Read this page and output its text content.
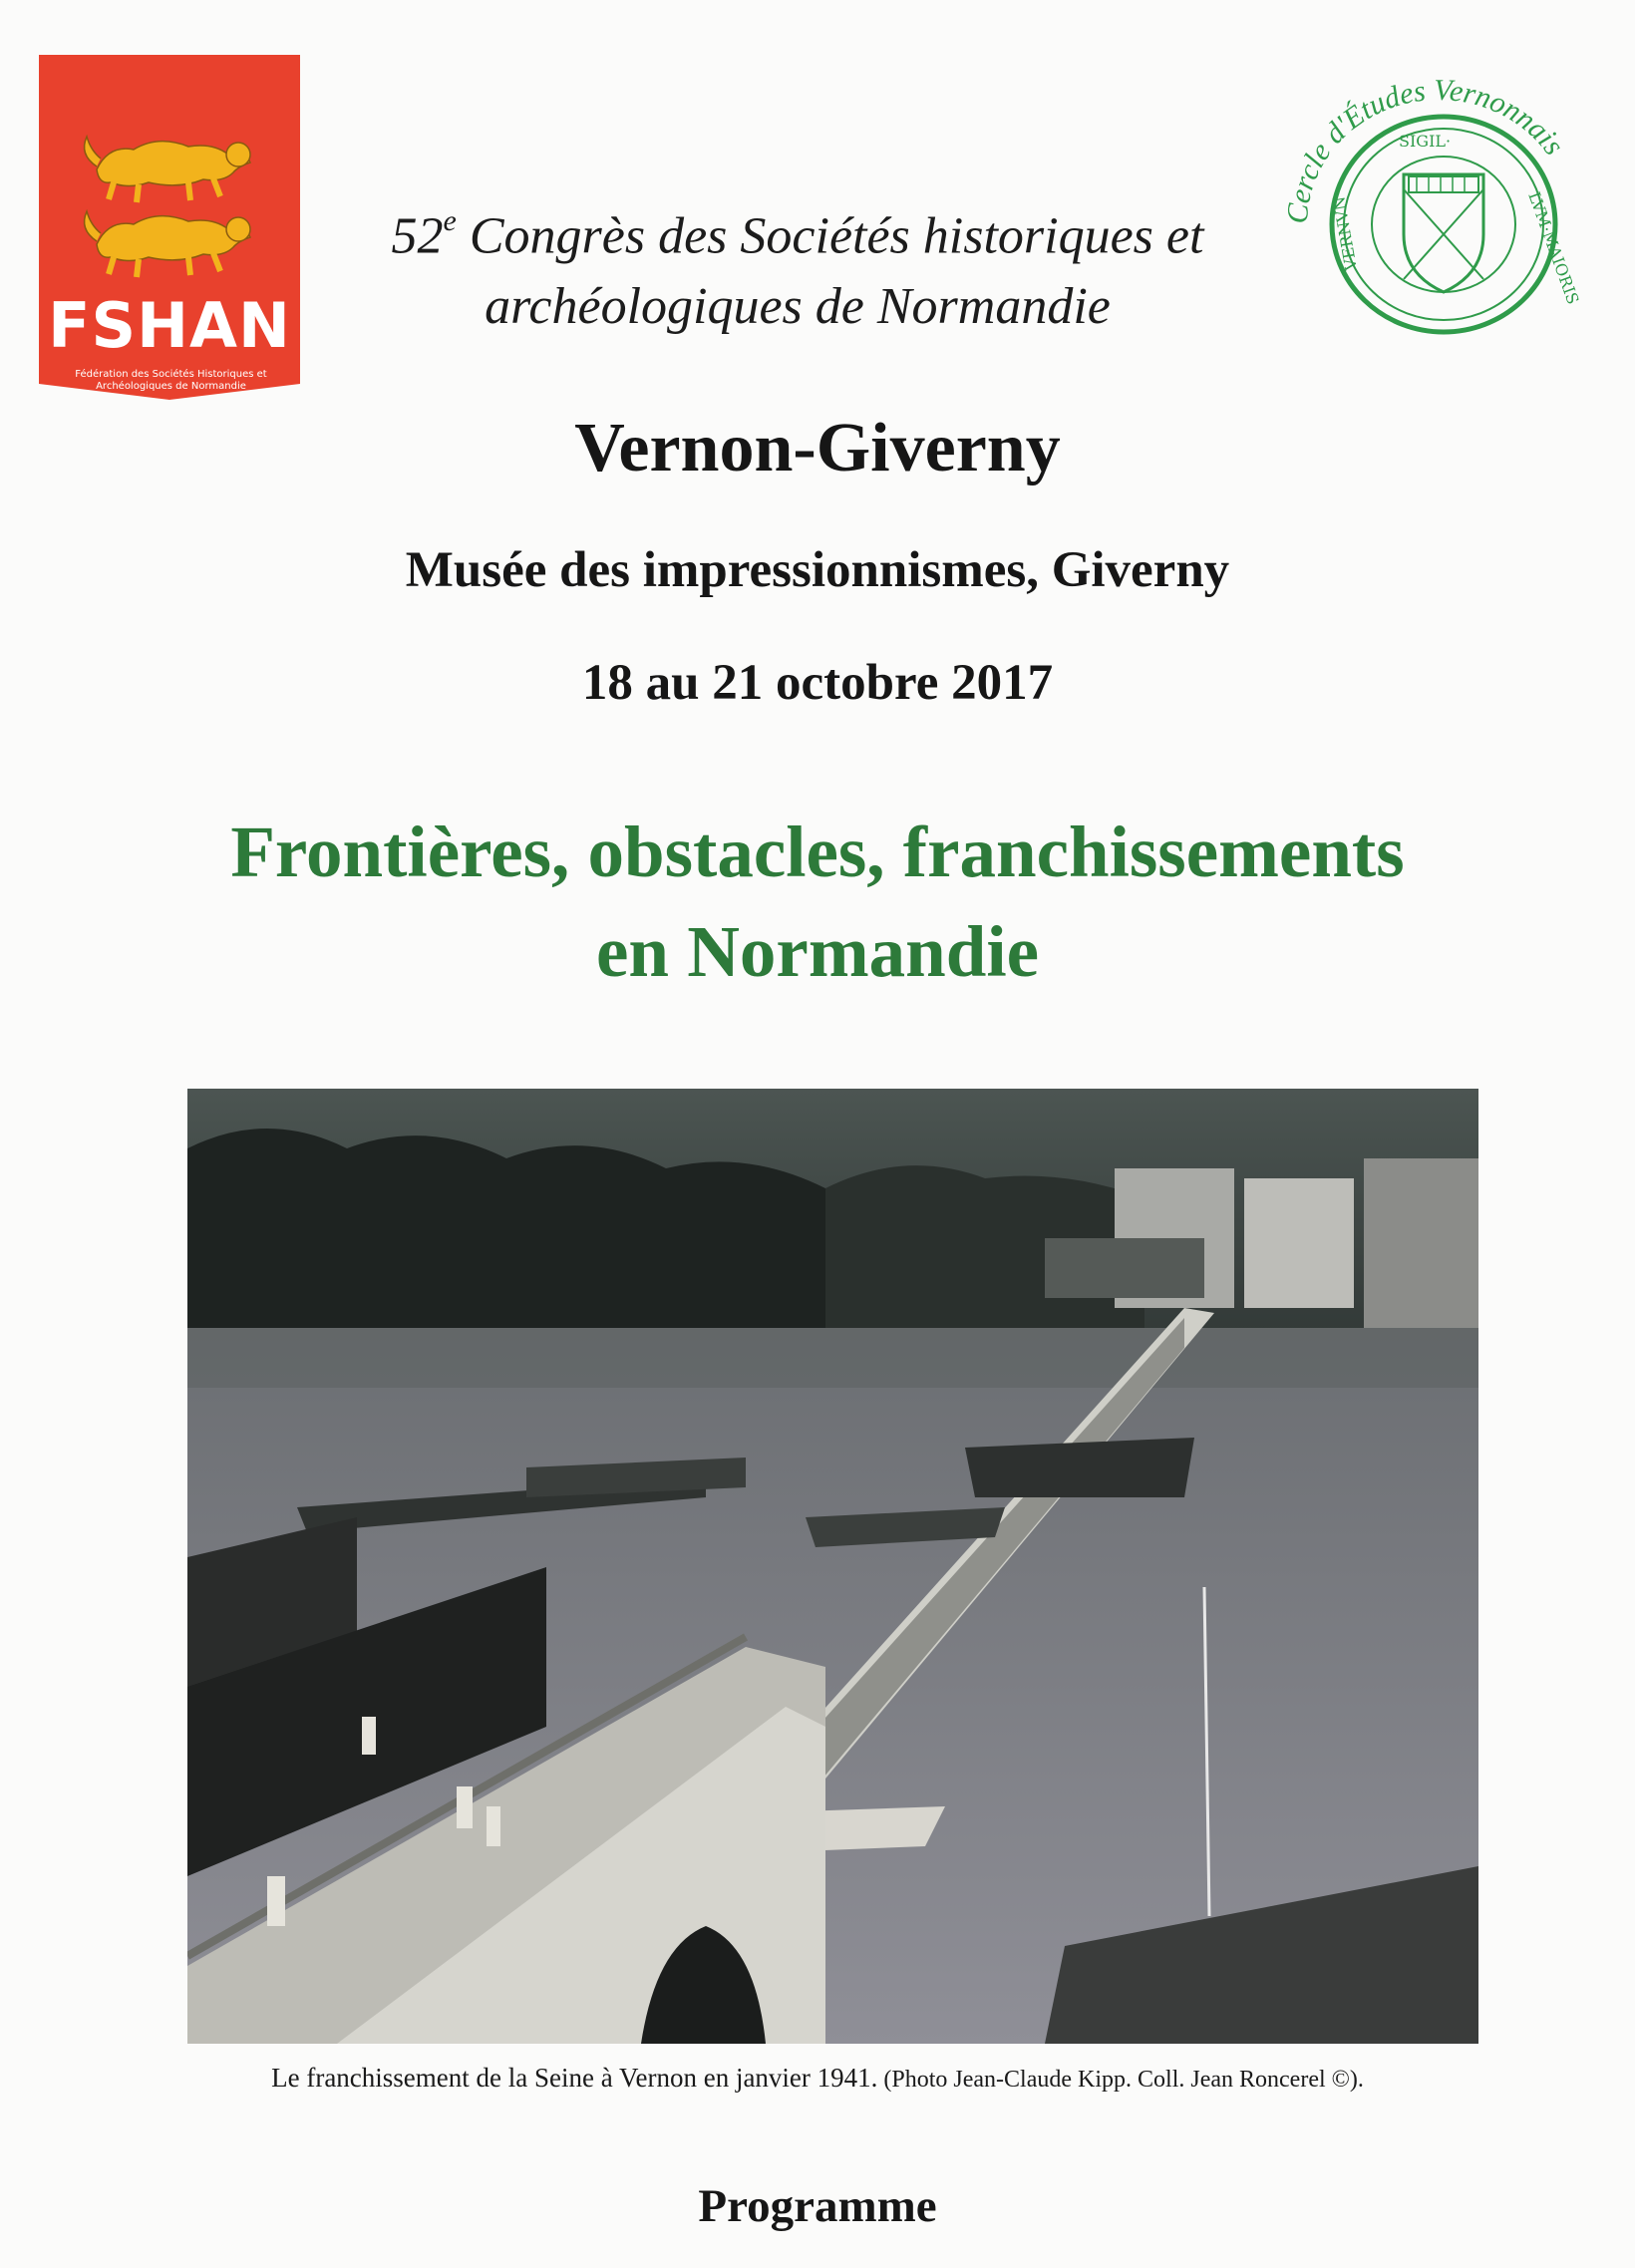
FSHAN
Fédération des Sociétés Historiques et Archéologiques de Normandie
SIGIL·
LVM·MAIORIS
VERNVN·
Cercle d'Études Vernonnais
52e Congrès des Sociétés historiques et
archéologiques de Normandie
Vernon-Giverny
Musée des impressionnismes, Giverny
18 au 21 octobre 2017
Frontières, obstacles, franchissements
en Normandie
Le franchissement de la Seine à Vernon en janvier 1941. (Photo Jean-Claude Kipp. Coll. Jean Roncerel ©).
Programme
